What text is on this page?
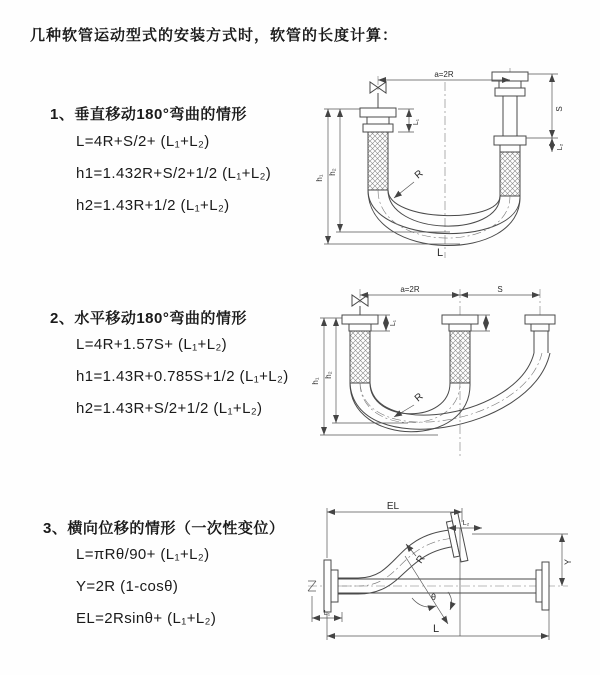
几种软管运动型式的安装方式时，软管的长度计算：
1、垂直移动180°弯曲的情形
L=4R+S/2+ (L₁+L₂)
h1=1.432R+S/2+1/2 (L₁+L₂)
h2=1.43R+1/2 (L₁+L₂)
a=2R
S
L₂
h₁
h₂
L₁
R
L
2、水平移动180°弯曲的情形
L=4R+1.57S+ (L₁+L₂)
h1=1.43R+0.785S+1/2 (L₁+L₂)
h2=1.43R+S/2+1/2 (L₁+L₂)
a=2R	S
h₁
h₂
L₁
R
3、横向位移的情形（一次性变位）
L=πRθ/90+ (L₁+L₂)
Y=2R (1-cosθ)
EL=2Rsinθ+ (L₁+L₂)
θ
R
EL
L₂
Y
L
L₁
